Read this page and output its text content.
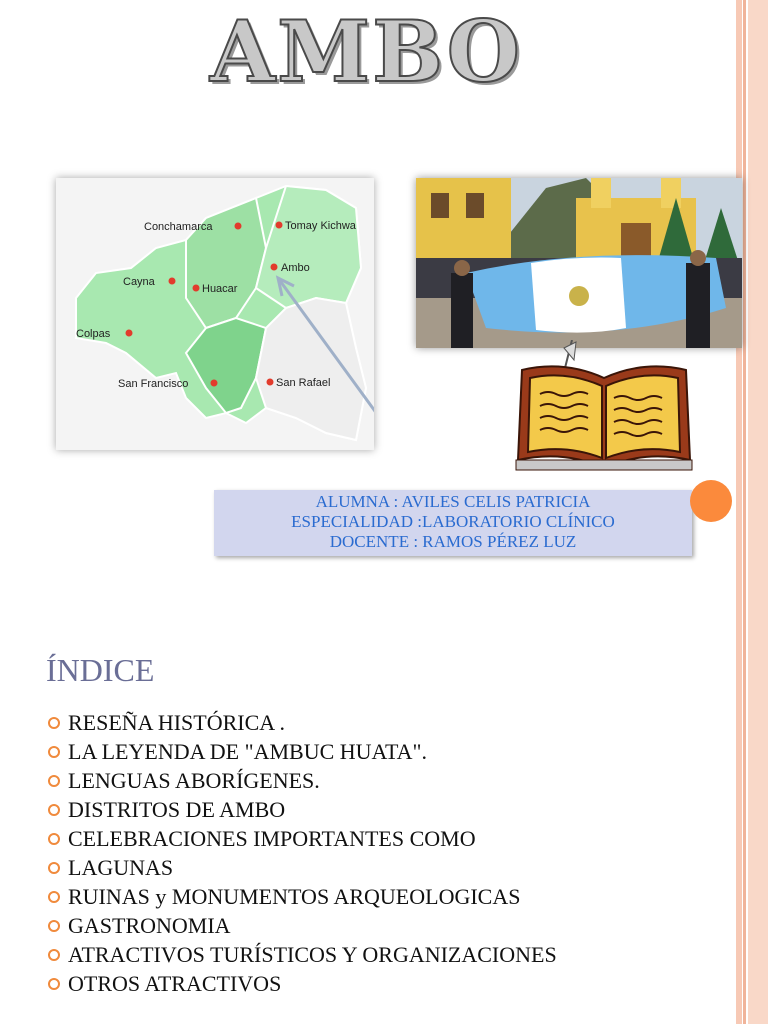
AMBO
Conchamarca	Tomay Kichwa
Cayna
Huacar
Ambo
Colpas
San Francisco	San Rafael
ALUMNA : AVILES CELIS PATRICIA
ESPECIALIDAD :LABORATORIO CLÍNICO
DOCENTE : RAMOS PÉREZ LUZ
ÍNDICE
RESEÑA HISTÓRICA .
LA LEYENDA DE "AMBUC HUATA".
LENGUAS ABORÍGENES.
DISTRITOS DE AMBO
CELEBRACIONES IMPORTANTES COMO
LAGUNAS
RUINAS y MONUMENTOS ARQUEOLOGICAS
GASTRONOMIA
ATRACTIVOS TURÍSTICOS Y ORGANIZACIONES
OTROS ATRACTIVOS
